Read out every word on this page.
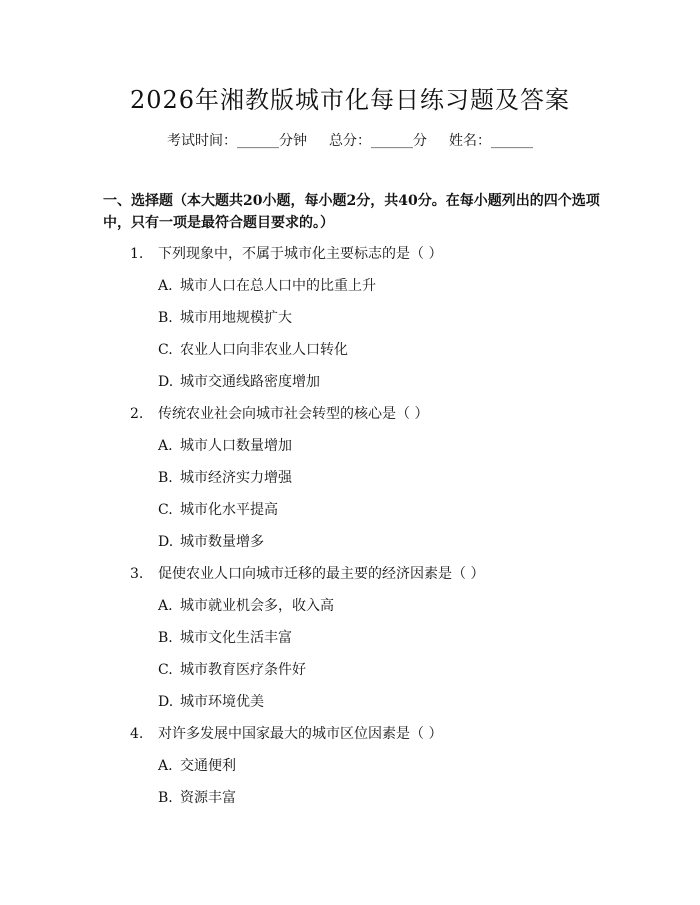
2026年湘教版城市化每日练习题及答案
考试时间：______分钟 总分：______分 姓名：______
一、选择题（本大题共20小题，每小题2分，共40分。在每小题列出的四个选项中，只有一项是最符合题目要求的。）
1. 下列现象中，不属于城市化主要标志的是（ ）
A. 城市人口在总人口中的比重上升
B. 城市用地规模扩大
C. 农业人口向非农业人口转化
D. 城市交通线路密度增加
2. 传统农业社会向城市社会转型的核心是（ ）
A. 城市人口数量增加
B. 城市经济实力增强
C. 城市化水平提高
D. 城市数量增多
3. 促使农业人口向城市迁移的最主要的经济因素是（ ）
A. 城市就业机会多，收入高
B. 城市文化生活丰富
C. 城市教育医疗条件好
D. 城市环境优美
4. 对许多发展中国家最大的城市区位因素是（ ）
A. 交通便利
B. 资源丰富
